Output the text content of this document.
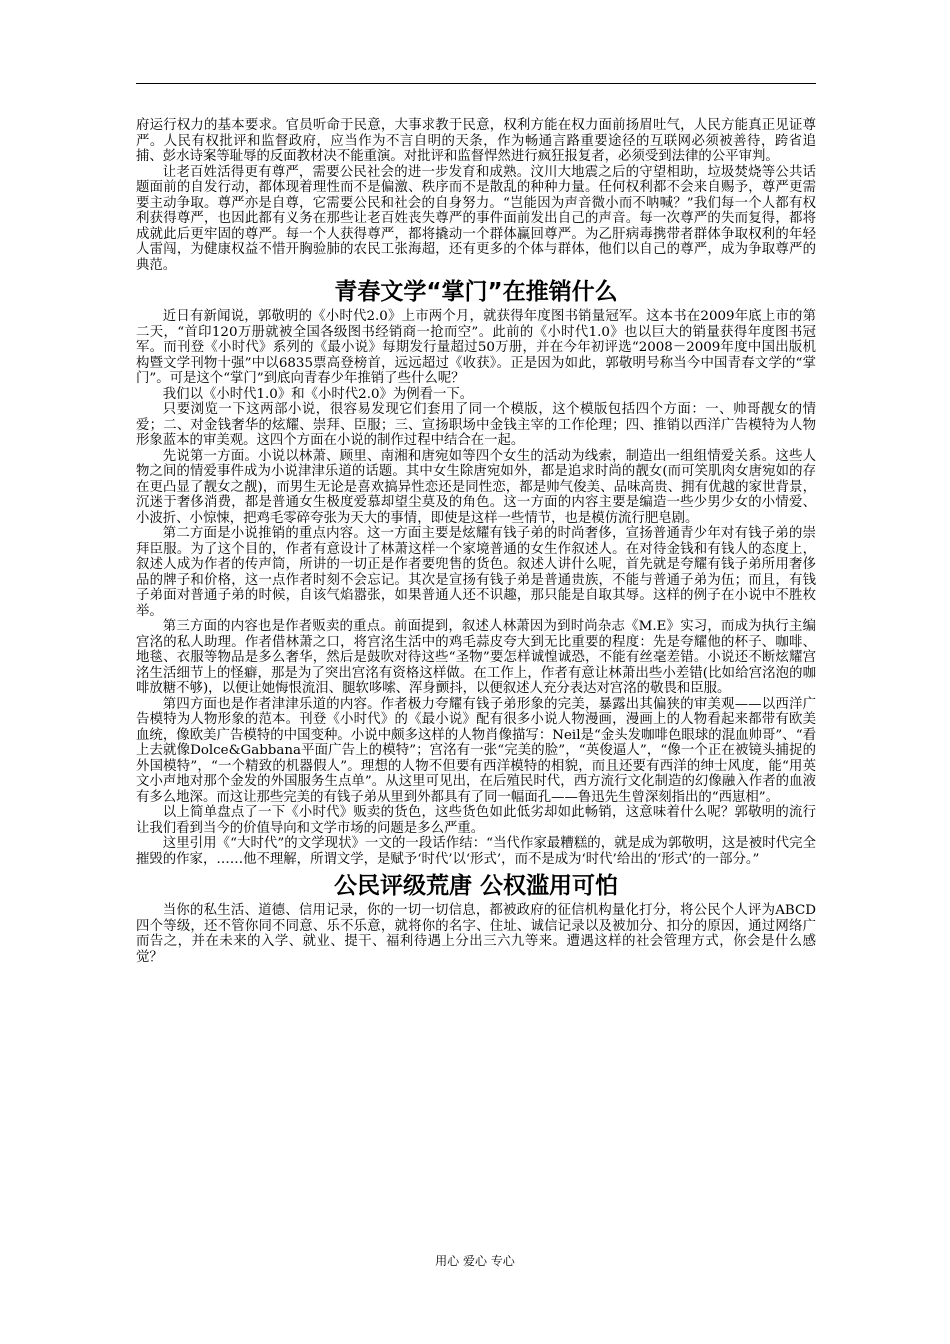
府运行权力的基本要求。官员听命于民意，大事求教于民意，权利方能在权力面前扬眉吐气，人民方能真正见证尊严。人民有权批评和监督政府，应当作为不言自明的天条，作为畅通言路重要途径的互联网必须被善待，跨省追捕、彭水诗案等耻辱的反面教材决不能重演。对批评和监督悍然进行疯狂报复者，必须受到法律的公平审判。

让老百姓活得更有尊严，需要公民社会的进一步发育和成熟。汶川大地震之后的守望相助，垃圾焚烧等公共话题面前的自发行动，都体现着理性而不是偏激、秩序而不是散乱的种种力量。任何权利都不会来自赐予，尊严更需要主动争取。尊严亦是自尊，它需要公民和社会的自身努力。“岂能因为声音微小而不呐喊？”我们每一个人都有权利获得尊严，也因此都有义务在那些让老百姓丧失尊严的事件面前发出自己的声音。每一次尊严的失而复得，都将成就此后更牢固的尊严。每一个人获得尊严，都将撬动一个群体赢回尊严。为乙肝病毒携带者群体争取权利的年轻人雷闯，为健康权益不惜开胸验肺的农民工张海超，还有更多的个体与群体，他们以自己的尊严，成为争取尊严的典范。

青春文学“掌门”在推销什么

近日有新闻说，郭敬明的《小时代2.0》上市两个月，就获得年度图书销量冠军。这本书在2009年底上市的第二天，“首印120万册就被全国各级图书经销商一抢而空”。此前的《小时代1.0》也以巨大的销量获得年度图书冠军。而刊登《小时代》系列的《最小说》每期发行量超过50万册，并在今年初评选“2008－2009年度中国出版机构暨文学刊物十强”中以6835票高登榜首，远远超过《收获》。正是因为如此，郭敬明号称当今中国青春文学的“掌门”。可是这个“掌门”到底向青春少年推销了些什么呢？

我们以《小时代1.0》和《小时代2.0》为例看一下。

只要浏览一下这两部小说，很容易发现它们套用了同一个模版，这个模版包括四个方面：一、帅哥靓女的情爱；二、对金钱奢华的炫耀、崇拜、臣服；三、宣扬职场中金钱主宰的工作伦理；四、推销以西洋广告模特为人物形象蓝本的审美观。这四个方面在小说的制作过程中结合在一起。

先说第一方面。小说以林萧、顾里、南湘和唐宛如等四个女生的活动为线索，制造出一组组情爱关系。这些人物之间的情爱事件成为小说津津乐道的话题。其中女生除唐宛如外，都是追求时尚的靓女(而可笑肌肉女唐宛如的存在更凸显了靓女之靓)，而男生无论是喜欢搞异性恋还是同性恋，都是帅气俊美、品味高贵、拥有优越的家世背景，沉迷于奢侈消费，都是普通女生极度爱慕却望尘莫及的角色。这一方面的内容主要是编造一些少男少女的小情爱、小波折、小惊悚，把鸡毛零碎夸张为天大的事情，即使是这样一些情节，也是模仿流行肥皂剧。

第二方面是小说推销的重点内容。这一方面主要是炫耀有钱子弟的时尚奢侈，宣扬普通青少年对有钱子弟的崇拜臣服。为了这个目的，作者有意设计了林萧这样一个家境普通的女生作叙述人。在对待金钱和有钱人的态度上，叙述人成为作者的传声筒，所讲的一切正是作者要兜售的货色。叙述人讲什么呢，首先就是夸耀有钱子弟所用奢侈品的牌子和价格，这一点作者时刻不会忘记。其次是宣扬有钱子弟是普通贵族，不能与普通子弟为伍；而且，有钱子弟面对普通子弟的时候，自该气焰嚣张，如果普通人还不识趣，那只能是自取其辱。这样的例子在小说中不胜枚举。

第三方面的内容也是作者贩卖的重点。前面提到，叙述人林萧因为到时尚杂志《M.E》实习，而成为执行主编宫洺的私人助理。作者借林萧之口，将宫洺生活中的鸡毛蒜皮夸大到无比重要的程度：先是夸耀他的杯子、咖啡、地毯、衣服等物品是多么奢华，然后是鼓吹对待这些“圣物”要怎样诚惶诚恐，不能有丝毫差错。小说还不断炫耀宫洺生活细节上的怪癖，那是为了突出宫洺有资格这样做。在工作上，作者有意让林萧出些小差错(比如给宫洺泡的咖啡放糖不够)，以便让她悔恨流泪、腿软哆嗦、浑身颤抖，以便叙述人充分表达对宫洺的敬畏和臣服。

第四方面也是作者津津乐道的内容。作者极力夸耀有钱子弟形象的完美，暴露出其偏狭的审美观——以西洋广告模特为人物形象的范本。刊登《小时代》的《最小说》配有很多小说人物漫画，漫画上的人物看起来都带有欧美血统，像欧美广告模特的中国变种。小说中颇多这样的人物肖像描写：Neil是“金头发咖啡色眼球的混血帅哥”、“看上去就像Dolce&Gabbana平面广告上的模特”；宫洺有一张“完美的脸”，“英俊逼人”，“像一个正在被镜头捕捉的外国模特”，“一个精致的机器假人”。理想的人物不但要有西洋模特的相貌，而且还要有西洋的绅士风度，能“用英文小声地对那个金发的外国服务生点单”。从这里可见出，在后殖民时代，西方流行文化制造的幻像融入作者的血液有多么地深。而这让那些完美的有钱子弟从里到外都具有了同一幅面孔——鲁迅先生曾深刻指出的“西崽相”。

以上简单盘点了一下《小时代》贩卖的货色，这些货色如此低劣却如此畅销，这意味着什么呢？郭敬明的流行让我们看到当今的价值导向和文学市场的问题是多么严重。

这里引用《“大时代”的文学现状》一文的一段话作结：“当代作家最糟糕的，就是成为郭敬明，这是被时代完全摧毁的作家，……他不理解，所谓文学，是赋予‘时代’以‘形式’，而不是成为‘时代’给出的‘形式’的一部分。”

公民评级荒唐 公权滥用可怕

当你的私生活、道德、信用记录，你的一切一切信息，都被政府的征信机构量化打分，将公民个人评为ABCD四个等级，还不管你同不同意、乐不乐意，就将你的名字、住址、诚信记录以及被加分、扣分的原因，通过网络广而告之，并在未来的入学、就业、提干、福利待遇上分出三六九等来。遭遇这样的社会管理方式，你会是什么感觉？

用心 爱心 专心
